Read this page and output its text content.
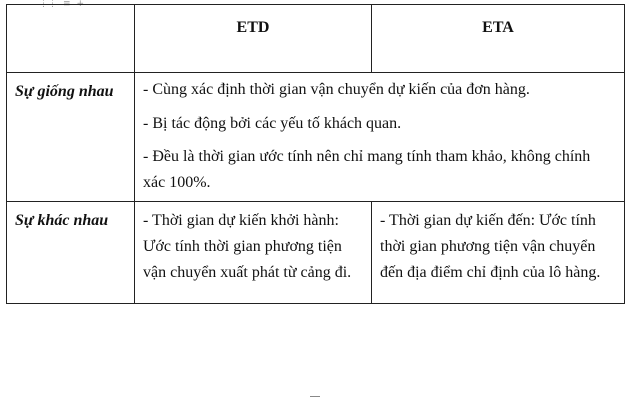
⋮⋮ ≡ +
	ETD	ETA
Sự giống nhau	- Cùng xác định thời gian vận chuyển dự kiến của đơn hàng.

- Bị tác động bởi các yếu tố khách quan.

- Đều là thời gian ước tính nên chỉ mang tính tham khảo, không chính xác 100%.	

Sự khác nhau	- Thời gian dự kiến khởi hành: Ước tính thời gian phương tiện vận chuyển xuất phát từ cảng đi.	- Thời gian dự kiến đến: Ước tính thời gian phương tiện vận chuyển đến địa điểm chỉ định của lô hàng.
